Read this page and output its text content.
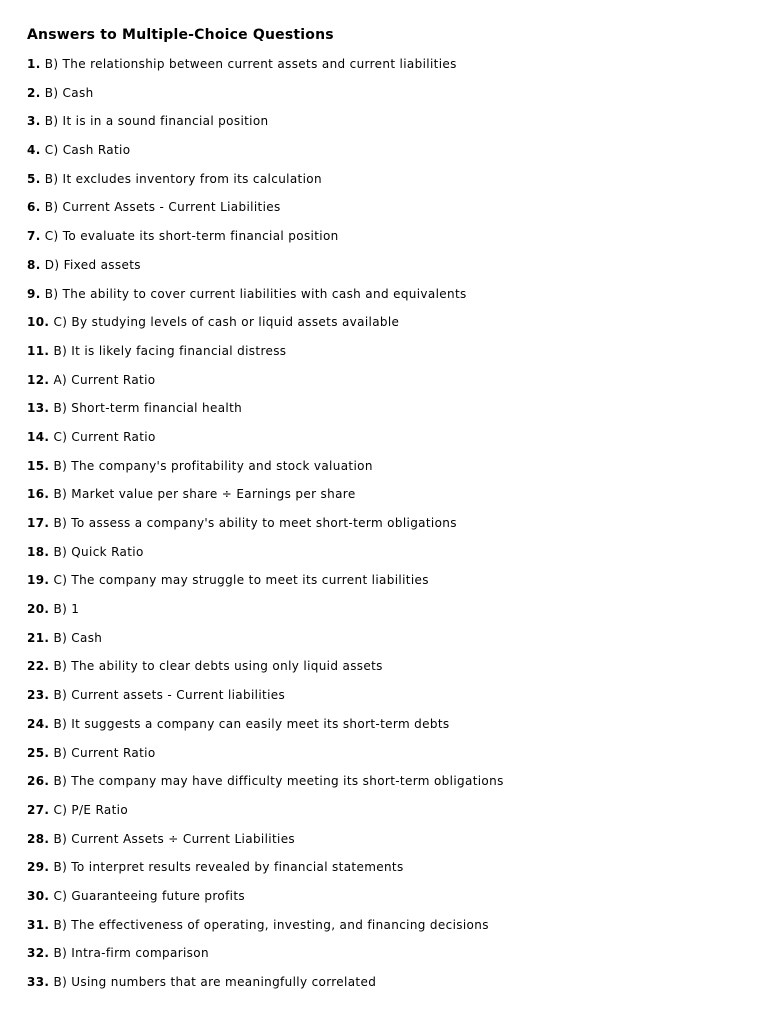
Answers to Multiple-Choice Questions
1. B) The relationship between current assets and current liabilities
2. B) Cash
3. B) It is in a sound financial position
4. C) Cash Ratio
5. B) It excludes inventory from its calculation
6. B) Current Assets - Current Liabilities
7. C) To evaluate its short-term financial position
8. D) Fixed assets
9. B) The ability to cover current liabilities with cash and equivalents
10. C) By studying levels of cash or liquid assets available
11. B) It is likely facing financial distress
12. A) Current Ratio
13. B) Short-term financial health
14. C) Current Ratio
15. B) The company's profitability and stock valuation
16. B) Market value per share ÷ Earnings per share
17. B) To assess a company's ability to meet short-term obligations
18. B) Quick Ratio
19. C) The company may struggle to meet its current liabilities
20. B) 1
21. B) Cash
22. B) The ability to clear debts using only liquid assets
23. B) Current assets - Current liabilities
24. B) It suggests a company can easily meet its short-term debts
25. B) Current Ratio
26. B) The company may have difficulty meeting its short-term obligations
27. C) P/E Ratio
28. B) Current Assets ÷ Current Liabilities
29. B) To interpret results revealed by financial statements
30. C) Guaranteeing future profits
31. B) The effectiveness of operating, investing, and financing decisions
32. B) Intra-firm comparison
33. B) Using numbers that are meaningfully correlated
